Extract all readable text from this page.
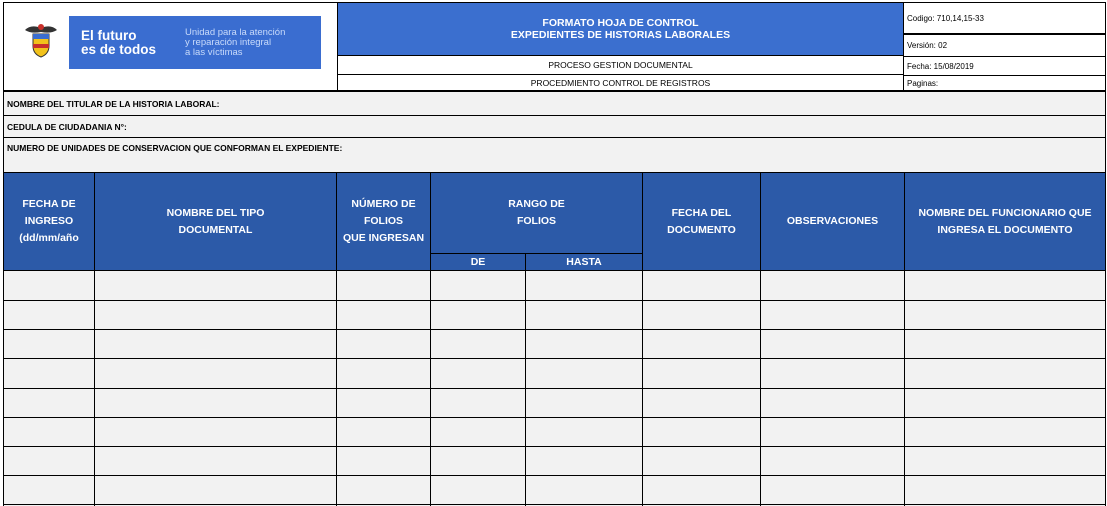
El futuro
es de todos
Unidad para la atención
y reparación integral
a las víctimas
FORMATO HOJA DE CONTROL
EXPEDIENTES DE HISTORIAS LABORALES
PROCESO GESTION DOCUMENTAL
PROCEDMIENTO CONTROL DE REGISTROS
Codigo: 710,14,15-33
Versión: 02
Fecha: 15/08/2019
Paginas:
NOMBRE DEL TITULAR DE LA HISTORIA LABORAL:
CEDULA DE CIUDADANIA N°:
NUMERO DE UNIDADES DE CONSERVACION QUE CONFORMAN EL EXPEDIENTE:
FECHA DE
INGRESO
(dd/mm/año
NOMBRE DEL TIPO
DOCUMENTAL
NÚMERO DE
FOLIOS
QUE INGRESAN
RANGO DE
FOLIOS
DE	HASTA
FECHA DEL
DOCUMENTO
OBSERVACIONES
NOMBRE DEL FUNCIONARIO QUE
INGRESA EL DOCUMENTO
